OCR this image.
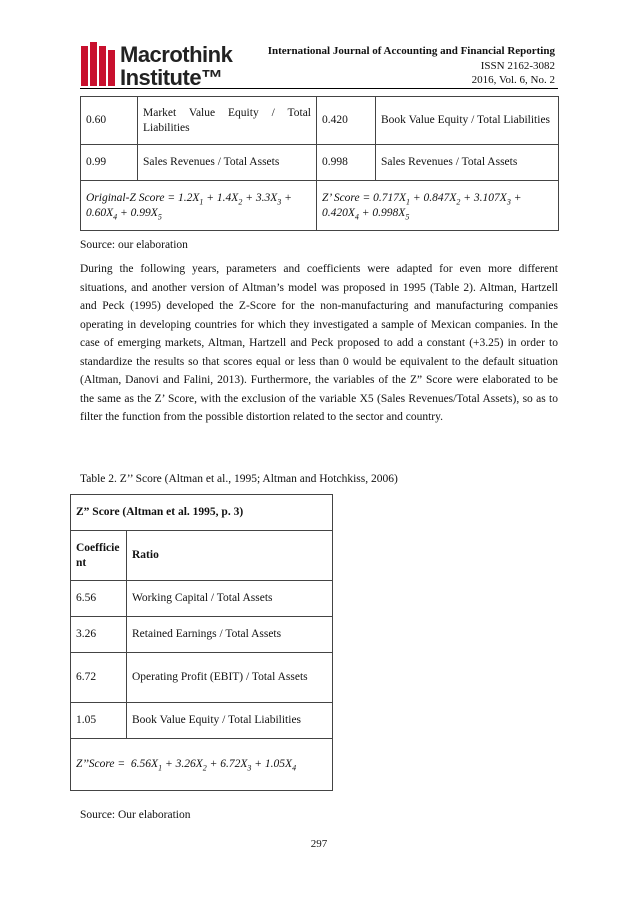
Macrothink
Institute™
International Journal of Accounting and Financial Reporting
ISSN 2162-3082
2016, Vol. 6, No. 2
0.60	Market Value Equity / Total Liabilities	0.420	Book Value Equity / Total Liabilities
0.99	Sales Revenues / Total Assets	0.998	Sales Revenues / Total Assets
Original-Z Score = $1.2X_1 + 1.4X_2 + 3.3X_3 + 0.60X_4 + 0.99X_5$		Z’ Score = $0.717X_1 + 0.847X_2 + 3.107X_3 + 0.420X_4 + 0.998X_5$
Source: our elaboration
During the following years, parameters and coefficients were adapted for even more different situations, and another version of Altman’s model was proposed in 1995 (Table 2). Altman, Hartzell and Peck (1995) developed the Z-Score for the non-manufacturing and manufacturing companies operating in developing countries for which they investigated a sample of Mexican companies. In the case of emerging markets, Altman, Hartzell and Peck proposed to add a constant (+3.25) in order to standardize the results so that scores equal or less than 0 would be equivalent to the default situation (Altman, Danovi and Falini, 2013). Furthermore, the variables of the Z” Score were elaborated to be the same as the Z’ Score, with the exclusion of the variable X5 (Sales Revenues/Total Assets), so as to filter the function from the possible distortion related to the sector and country.
Table 2. Z’’ Score (Altman et al., 1995; Altman and Hotchkiss, 2006)
Z” Score (Altman et al. 1995, p. 3)	
Coefficient	Ratio
6.56	Working Capital / Total Assets
3.26	Retained Earnings / Total Assets
6.72	Operating Profit (EBIT) / Total Assets
1.05	Book Value Equity / Total Liabilities
Z’’Score =  $6.56X_1 + 3.26X_2 + 6.72X_3 + 1.05X_4$
Source: Our elaboration
297
